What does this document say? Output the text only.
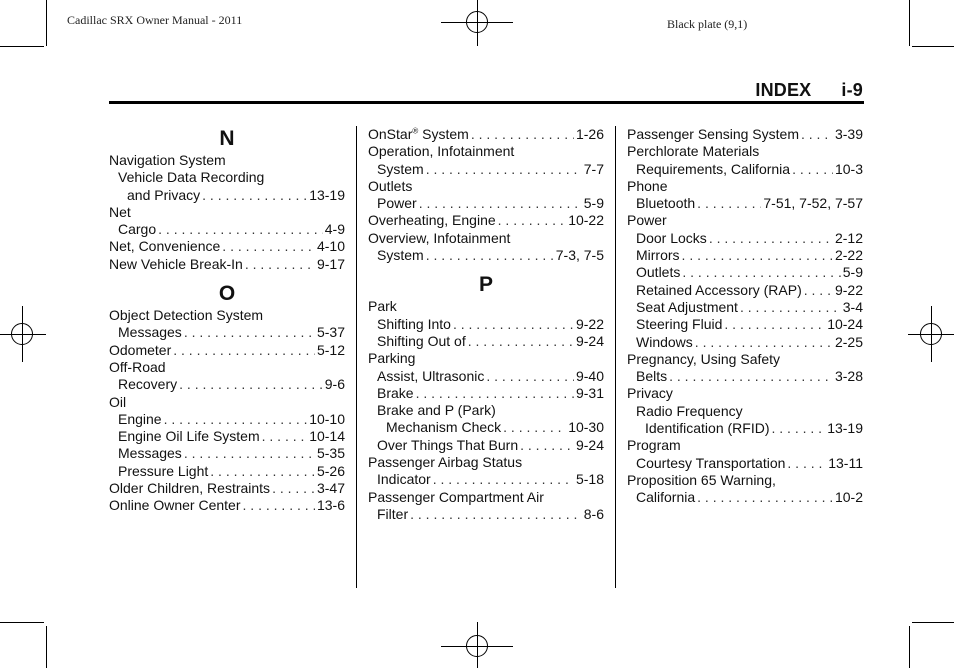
Cadillac SRX Owner Manual - 2011	Black plate (9,1)
INDEX i-9
N
Navigation System
Vehicle Data Recording
and Privacy . . .	13-19
Net
Cargo . . .	4-9
Net, Convenience . . .	4-10
New Vehicle Break-In . . .	9-17
O
Object Detection System
Messages . . .	5-37
Odometer . . .	5-12
Off-Road
Recovery . . .	9-6
Oil
Engine . . .	10-10
Engine Oil Life System . . .	10-14
Messages . . .	5-35
Pressure Light . . .	5-26
Older Children, Restraints . . .	3-47
Online Owner Center . . .	13-6
OnStar® System . . .	1-26
Operation, Infotainment
System . . .	7-7
Outlets
Power . . .	5-9
Overheating, Engine . . .	10-22
Overview, Infotainment
System . . .	7-3, 7-5
P
Park
Shifting Into . . .	9-22
Shifting Out of . . .	9-24
Parking
Assist, Ultrasonic . . .	9-40
Brake . . .	9-31
Brake and P (Park)
Mechanism Check . . .	10-30
Over Things That Burn . . .	9-24
Passenger Airbag Status
Indicator . . .	5-18
Passenger Compartment Air
Filter . . .	8-6
Passenger Sensing System . . .	3-39
Perchlorate Materials
Requirements, California . . .	10-3
Phone
Bluetooth . . .	7-51, 7-52, 7-57
Power
Door Locks . . .	2-12
Mirrors . . .	2-22
Outlets . . .	5-9
Retained Accessory (RAP) . . . 9-22
Seat Adjustment . . .	3-4
Steering Fluid . . .	10-24
Windows . . .	2-25
Pregnancy, Using Safety
Belts . . .	3-28
Privacy
Radio Frequency
Identification (RFID) . . .	13-19
Program
Courtesy Transportation . . .	13-11
Proposition 65 Warning,
California . . .	10-2
